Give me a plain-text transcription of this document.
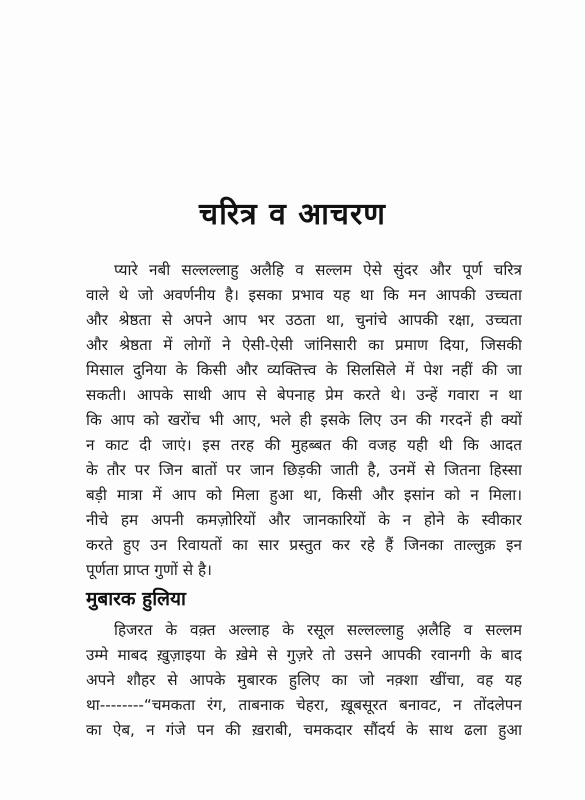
चरित्र व आचरण
प्यारे नबी सल्लल्लाहु अलैहि व सल्लम ऐसे सुंदर और पूर्ण चरित्र
वाले थे जो अवर्णनीय है। इसका प्रभाव यह था कि मन आपकी उच्चता
और श्रेष्ठता से अपने आप भर उठता था, चुनांचे आपकी रक्षा, उच्चता
और श्रेष्ठता में लोगों ने ऐसी-ऐसी जांनिसारी का प्रमाण दिया, जिसकी
मिसाल दुनिया के किसी और व्यक्तित्त्व के सिलसिले में पेश नहीं की जा
सकती। आपके साथी आप से बेपनाह प्रेम करते थे। उन्हें गवारा न था
कि आप को खरोंच भी आए, भले ही इसके लिए उन की गरदनें ही क्यों
न काट दी जाएं। इस तरह की मुहब्बत की वजह यही थी कि आदत
के तौर पर जिन बातों पर जान छिड़की जाती है, उनमें से जितना हिस्सा
बड़ी मात्रा में आप को मिला हुआ था, किसी और इसांन को न मिला।
नीचे हम अपनी कमज़ोरियों और जानकारियों के न होने के स्वीकार
करते हुए उन रिवायतों का सार प्रस्तुत कर रहे हैं जिनका ताल्लुक़ इन
पूर्णता प्राप्त गुणों से है।
मुबारक हुलिया
हिजरत के वक़्त अल्लाह के रसूल सल्लल्लाहु अ़लैहि व सल्लम
उम्मे माबद ख़ुज़ाइया के ख़ेमे से गुज़रे तो उसने आपकी रवानगी के बाद
अपने शौहर से आपके मुबारक हुलिए का जो नक़्शा खींचा, वह यह
था--------“चमकता रंग, ताबनाक चेहरा, ख़ूबसूरत बनावट, न तोंदलेपन
का ऐब, न गंजे पन की ख़राबी, चमकदार सौंदर्य के साथ ढला हुआ
